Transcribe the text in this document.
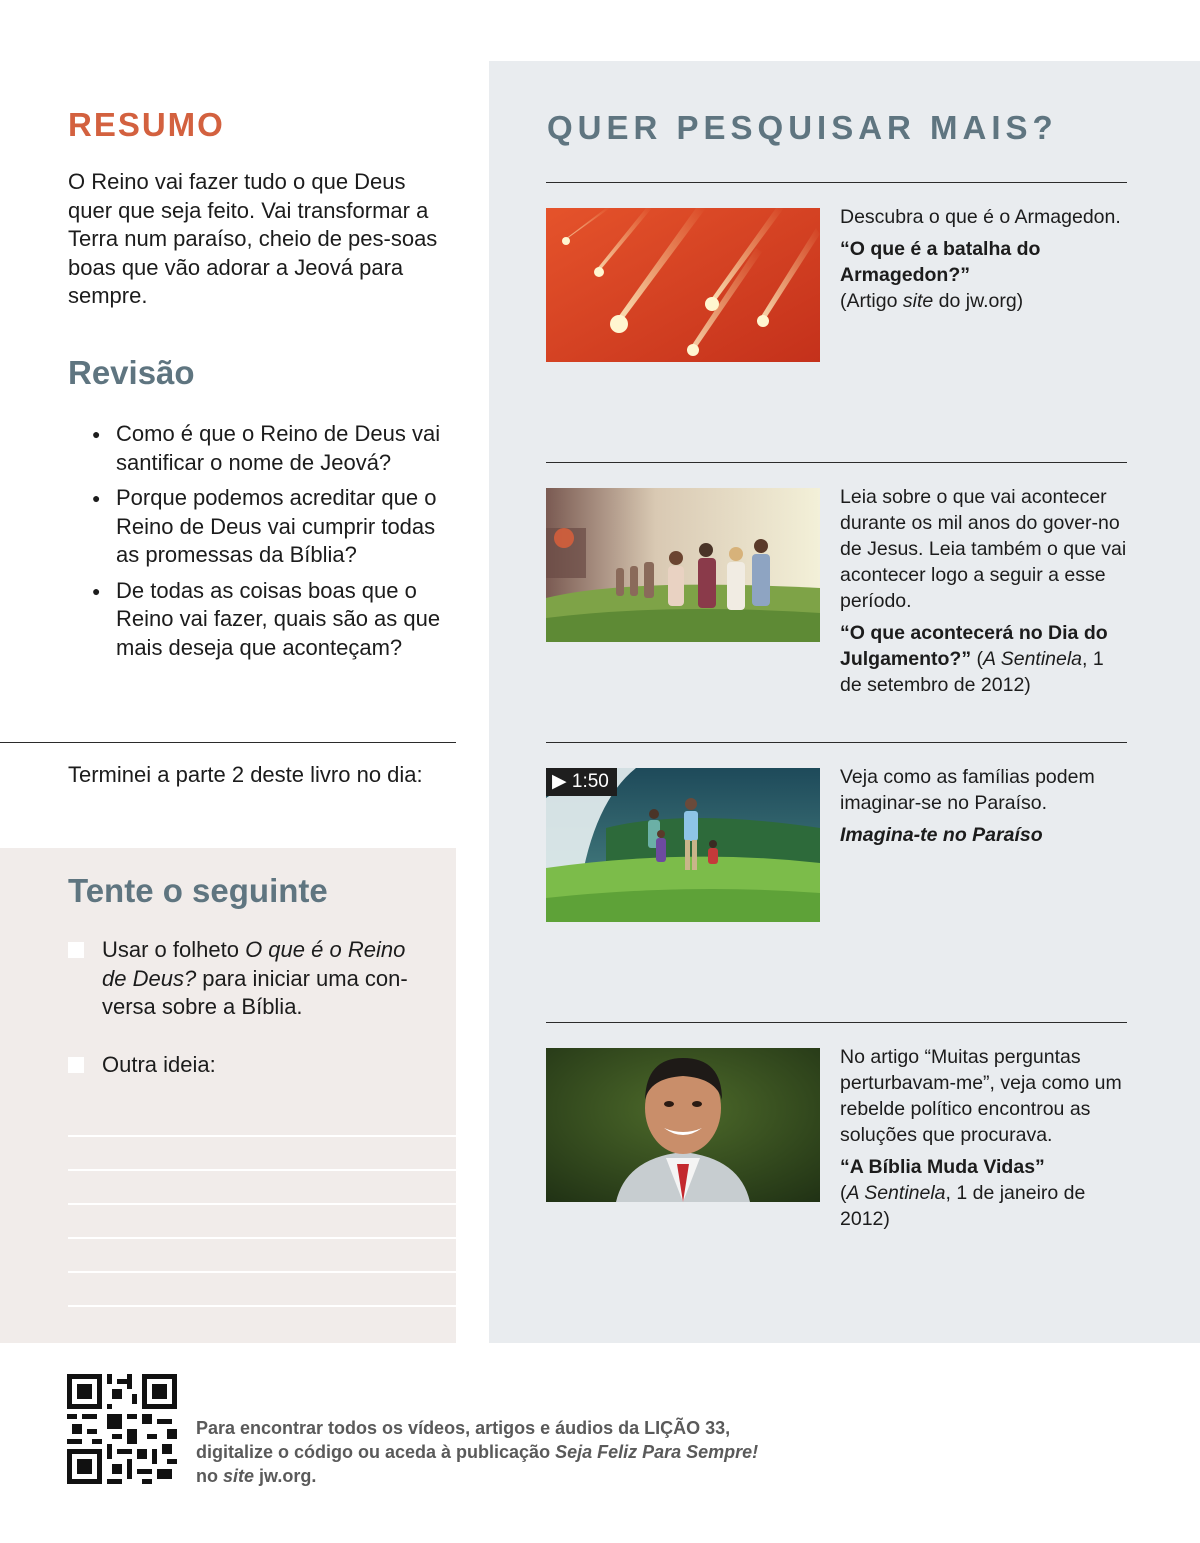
RESUMO

O Reino vai fazer tudo o que Deus quer que seja feito. Vai transformar a Terra num paraíso, cheio de pes-soas boas que vão adorar a Jeová para sempre.

Revisão
● Como é que o Reino de Deus vai santificar o nome de Jeová?
● Porque podemos acreditar que o Reino de Deus vai cumprir todas as promessas da Bíblia?
● De todas as coisas boas que o Reino vai fazer, quais são as que mais deseja que aconteçam?

Terminei a parte 2 deste livro no dia:

Tente o seguinte
Usar o folheto O que é o Reino de Deus? para iniciar uma con-versa sobre a Bíblia.
Outra ideia:
QUER PESQUISAR MAIS?

Descubra o que é o Armagedon.

“O que é a batalha do Armagedon?”

(Artigo site do jw.org)

Leia sobre o que vai acontecer durante os mil anos do gover-no de Jesus. Leia também o que vai acontecer logo a seguir a esse período.

“O que acontecerá no Dia do Julgamento?” (A Sentinela, 1 de setembro de 2012)

▶ 1:50	Veja como as famílias podem imaginar-se no Paraíso.

Imagina-te no Paraíso

No artigo “Muitas perguntas perturbavam-me”, veja como um rebelde político encontrou as soluções que procurava.

“A Bíblia Muda Vidas”

(A Sentinela, 1 de janeiro de 2012)

Para encontrar todos os vídeos, artigos e áudios da LIÇÃO 33,
digitalize o código ou aceda à publicação Seja Feliz Para Sempre!
no site jw.org.
